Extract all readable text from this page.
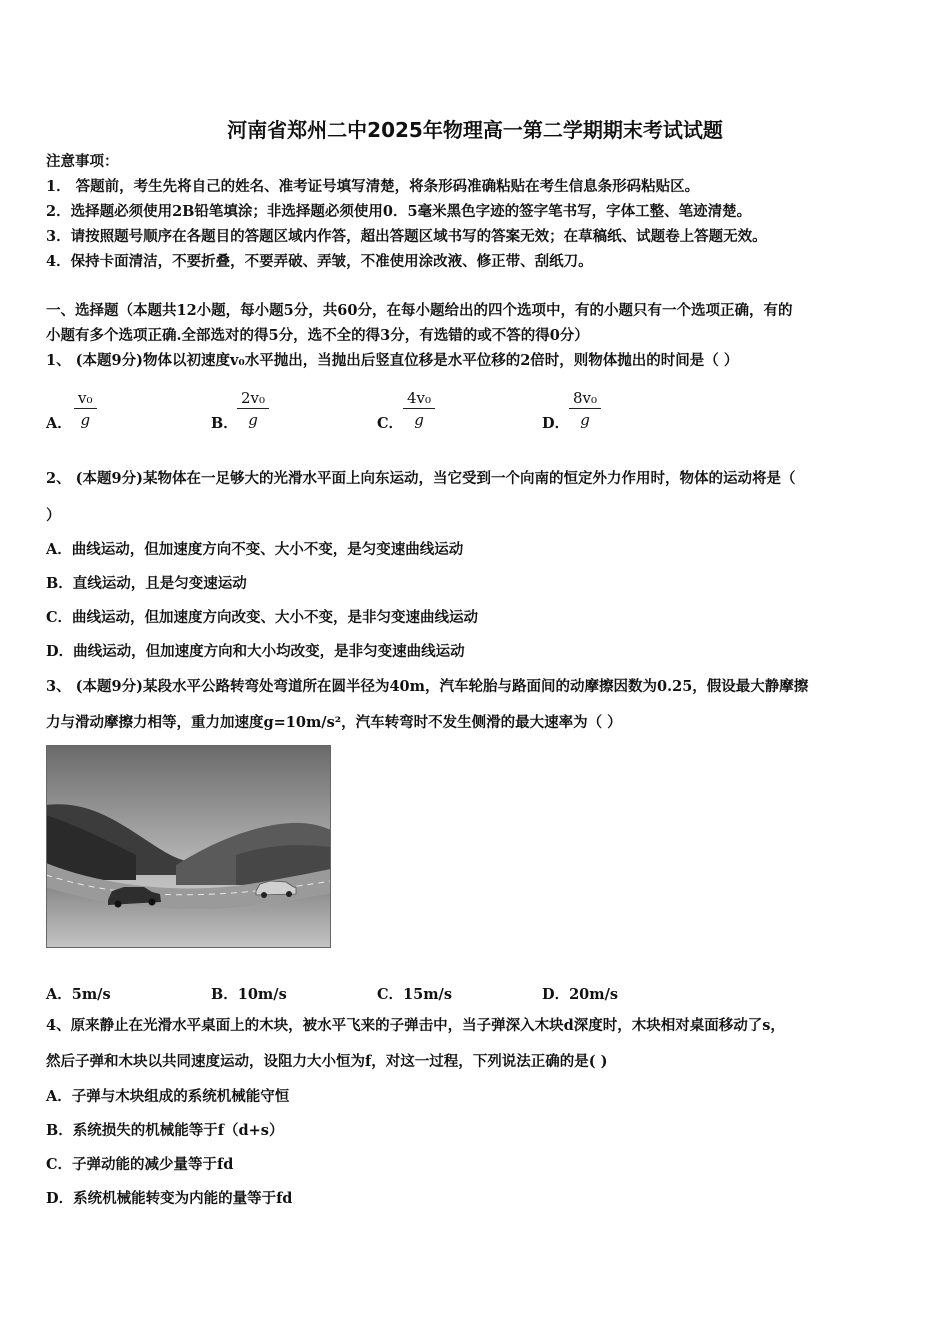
河南省郑州二中2025年物理高一第二学期期末考试试题
注意事项：
1． 答题前，考生先将自己的姓名、准考证号填写清楚，将条形码准确粘贴在考生信息条形码粘贴区。
2．选择题必须使用2B铅笔填涂；非选择题必须使用0．5毫米黑色字迹的签字笔书写，字体工整、笔迹清楚。
3．请按照题号顺序在各题目的答题区域内作答，超出答题区域书写的答案无效；在草稿纸、试题卷上答题无效。
4．保持卡面清洁，不要折叠，不要弄破、弄皱，不准使用涂改液、修正带、刮纸刀。
一、选择题（本题共12小题，每小题5分，共60分，在每小题给出的四个选项中，有的小题只有一个选项正确，有的
小题有多个选项正确.全部选对的得5分，选不全的得3分，有选错的或不答的得0分）
1、 (本题9分)物体以初速度v₀水平抛出，当抛出后竖直位移是水平位移的2倍时，则物体抛出的时间是（ ）
A． $\frac{\text{v₀}}{g}$	B． $\frac{\text{2v₀}}{g}$	C． $\frac{\text{4v₀}}{g}$	D． $\frac{\text{8v₀}}{g}$
2、 (本题9分)某物体在一足够大的光滑水平面上向东运动，当它受到一个向南的恒定外力作用时，物体的运动将是（
）
A．曲线运动，但加速度方向不变、大小不变，是匀变速曲线运动
B．直线运动，且是匀变速运动
C．曲线运动，但加速度方向改变、大小不变，是非匀变速曲线运动
D．曲线运动，但加速度方向和大小均改变，是非匀变速曲线运动
3、 (本题9分)某段水平公路转弯处弯道所在圆半径为40m，汽车轮胎与路面间的动摩擦因数为0.25，假设最大静摩擦
力与滑动摩擦力相等，重力加速度g=10m/s²，汽车转弯时不发生侧滑的最大速率为（ ）
A．5m/s	B．10m/s	C．15m/s	D．20m/s
4、原来静止在光滑水平桌面上的木块，被水平飞来的子弹击中，当子弹深入木块d深度时，木块相对桌面移动了s，
然后子弹和木块以共同速度运动，设阻力大小恒为f，对这一过程，下列说法正确的是( )
A．子弹与木块组成的系统机械能守恒
B．系统损失的机械能等于f（d+s）
C．子弹动能的减少量等于fd
D．系统机械能转变为内能的量等于fd
